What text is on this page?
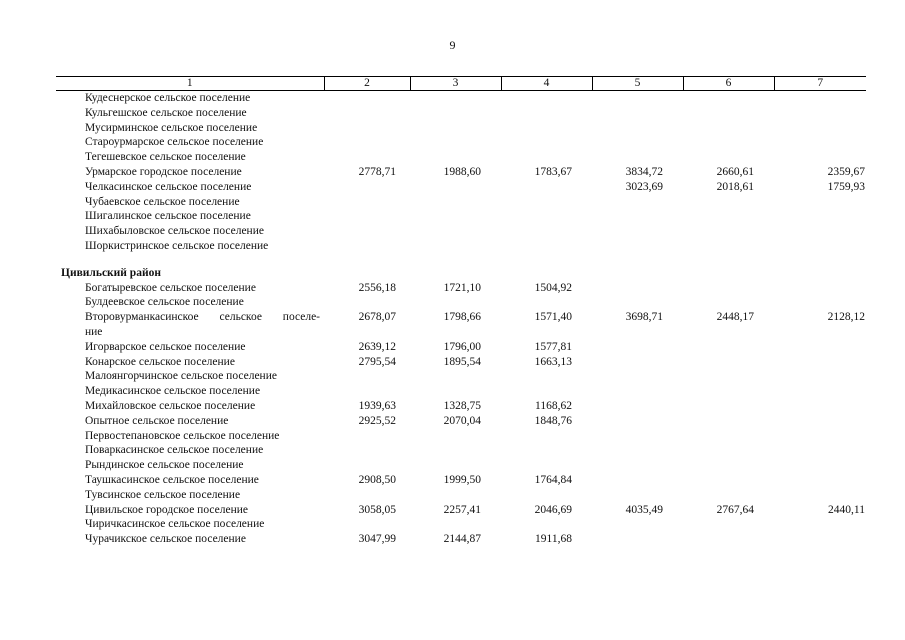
9
1	2	3	4	5	6	7
Кудеснерское сельское поселение						
Кульгешское сельское поселение						
Мусирминское сельское поселение						
Староурмарское сельское поселение						
Тегешевское сельское поселение						
Урмарское городское поселение	2778,71	1988,60	1783,67	3834,72	2660,61	2359,67
Челкасинское сельское поселение				3023,69	2018,61	1759,93
Чубаевское сельское поселение						
Шигалинское сельское поселение						
Шихабыловское сельское поселение						
Шоркистринское сельское поселение						

Цивильский район						
Богатыревское сельское поселение	2556,18	1721,10	1504,92			
Булдеевское сельское поселение						
Второвурманкасинское сельское поселе-	2678,07	1798,66	1571,40	3698,71	2448,17	2128,12
ние						
Игорварское сельское поселение	2639,12	1796,00	1577,81			
Конарское сельское поселение	2795,54	1895,54	1663,13			
Малоянгорчинское сельское поселение						
Медикасинское сельское поселение						
Михайловское сельское поселение	1939,63	1328,75	1168,62			
Опытное сельское поселение	2925,52	2070,04	1848,76			
Первостепановское сельское поселение						
Поваркасинское сельское поселение						
Рындинское сельское поселение						
Таушкасинское сельское поселение	2908,50	1999,50	1764,84			
Тувсинское сельское поселение						
Цивильское городское поселение	3058,05	2257,41	2046,69	4035,49	2767,64	2440,11
Чиричкасинское сельское поселение						
Чурачикское сельское поселение	3047,99	2144,87	1911,68			
